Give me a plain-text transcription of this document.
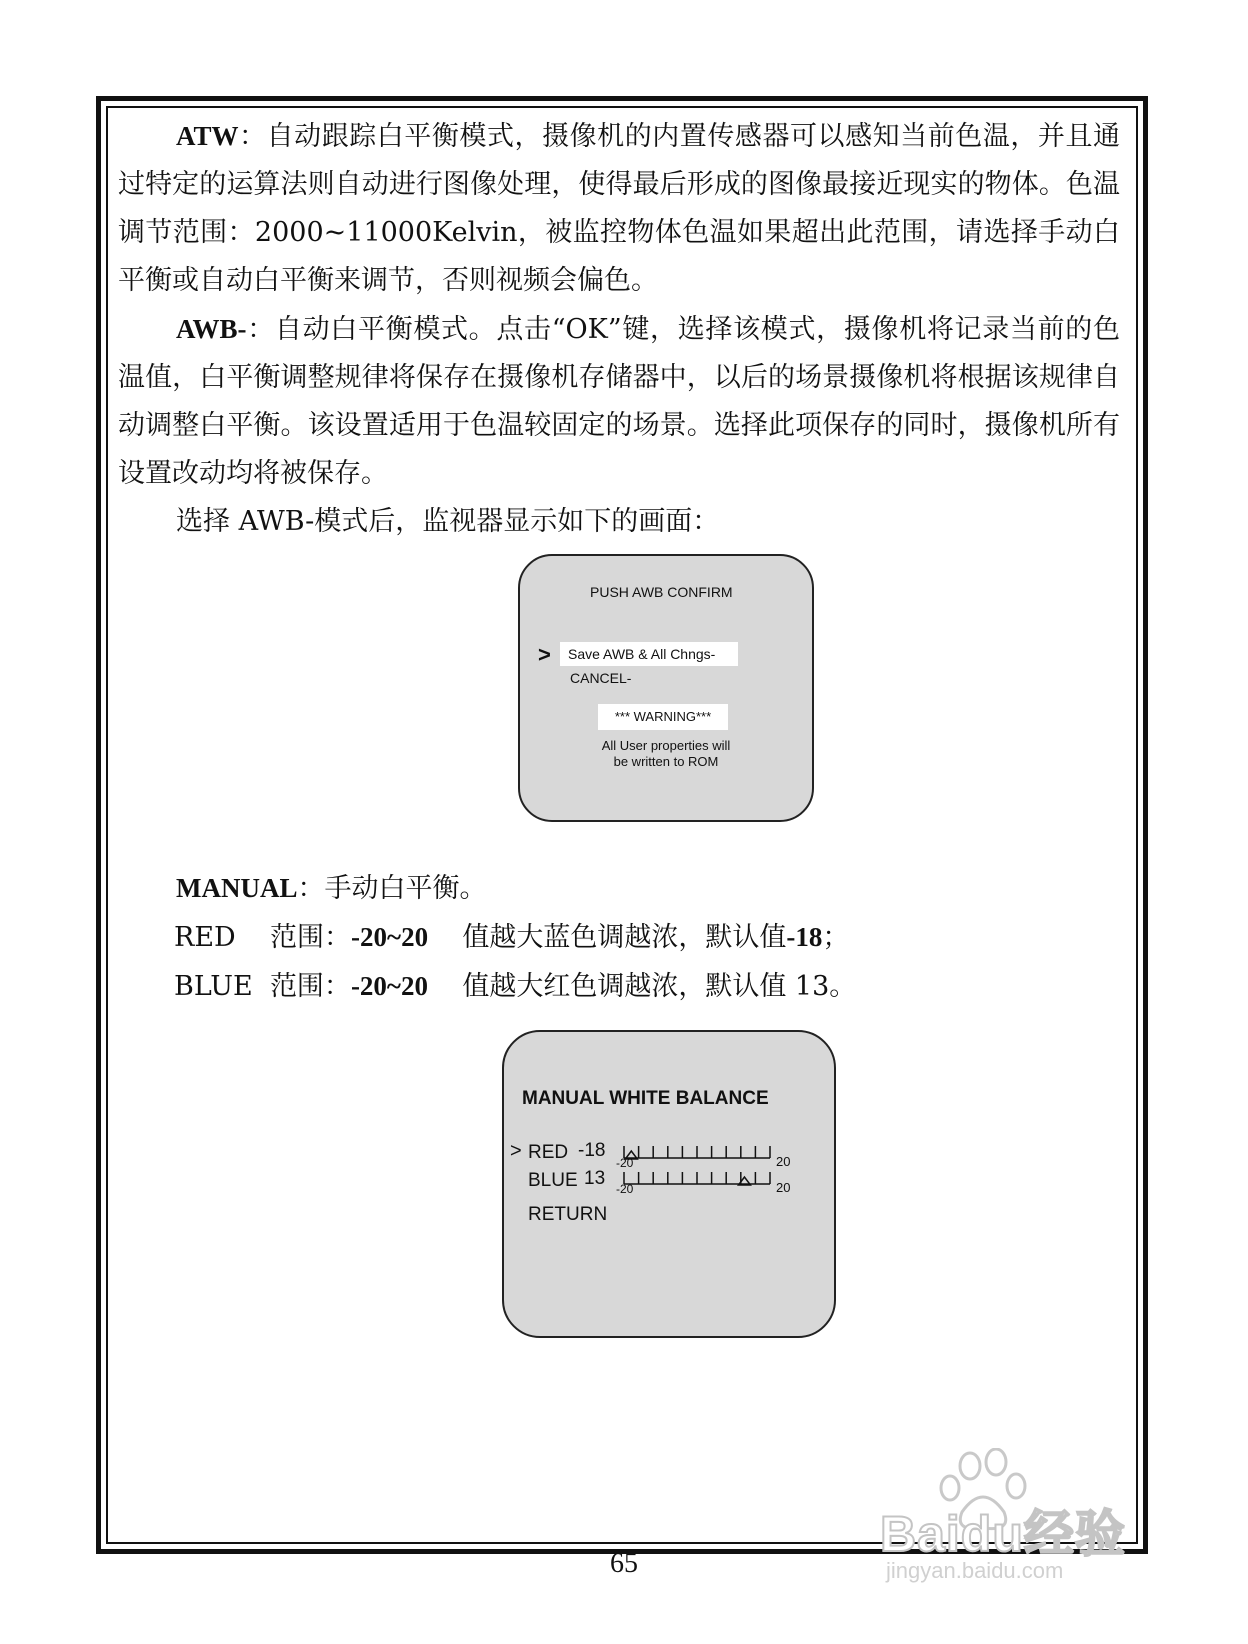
ATW：自动跟踪白平衡模式，摄像机的内置传感器可以感知当前色温，并且通过特定的运算法则自动进行图像处理，使得最后形成的图像最接近现实的物体。色温调节范围：2000~11000Kelvin，被监控物体色温如果超出此范围，请选择手动白平衡或自动白平衡来调节，否则视频会偏色。

AWB-：自动白平衡模式。点击“OK”键，选择该模式，摄像机将记录当前的色温值，白平衡调整规律将保存在摄像机存储器中，以后的场景摄像机将根据该规律自动调整白平衡。该设置适用于色温较固定的场景。选择此项保存的同时，摄像机所有设置改动均将被保存。

选择 AWB-模式后，监视器显示如下的画面：

MANUAL：手动白平衡。

RED 范围：-20~20 值越大蓝色调越浓，默认值-18；
BLUE 范围：-20~20 值越大红色调越浓，默认值 13。
PUSH AWB CONFIRM
>	Save AWB & All Chngs-
CANCEL-
*** WARNING***
All User properties will
be written to ROM
MANUAL WHITE BALANCE
> RED -18
BLUE 13
RETURN
-20	20
-20	20
65
Baidu经验
jingyan.baidu.com
